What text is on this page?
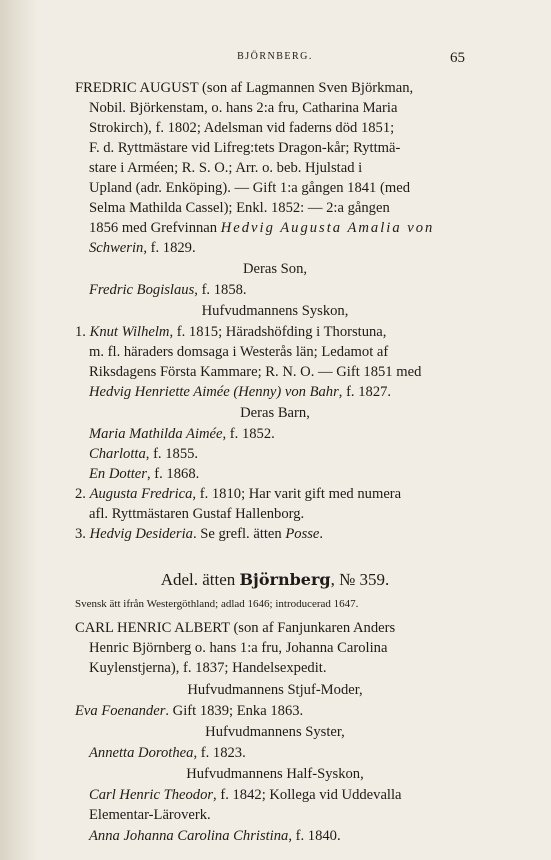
BJÖRNBERG.	65
FREDRIC AUGUST (son af Lagmannen Sven Björkman,
Nobil. Björkenstam, o. hans 2:a fru, Catharina Maria
Strokirch), f. 1802; Adelsman vid faderns död 1851;
F. d. Ryttmästare vid Lifreg:tets Dragon-kår; Ryttmä-
stare i Arméen; R. S. O.; Arr. o. beb. Hjulstad i
Upland (adr. Enköping). — Gift 1:a gången 1841 (med
Selma Mathilda Cassel); Enkl. 1852: — 2:a gången
1856 med Grefvinnan Hedvig Augusta Amalia von
Schwerin, f. 1829.
Deras Son,
Fredric Bogislaus, f. 1858.
Hufvudmannens Syskon,
1. Knut Wilhelm, f. 1815; Häradshöfding i Thorstuna,
m. fl. häraders domsaga i Westerås län; Ledamot af
Riksdagens Första Kammare; R. N. O. — Gift 1851 med
Hedvig Henriette Aimée (Henny) von Bahr, f. 1827.
Deras Barn,
Maria Mathilda Aimée, f. 1852.
Charlotta, f. 1855.
En Dotter, f. 1868.
2. Augusta Fredrica, f. 1810; Har varit gift med numera
afl. Ryttmästaren Gustaf Hallenborg.
3. Hedvig Desideria. Se grefl. ätten Posse.
Adel. ätten Björnberg, № 359.
Svensk ätt ifrån Westergöthland; adlad 1646; introducerad 1647.
CARL HENRIC ALBERT (son af Fanjunkaren Anders
Henric Björnberg o. hans 1:a fru, Johanna Carolina
Kuylenstjerna), f. 1837; Handelsexpedit.
Hufvudmannens Stjuf-Moder,
Eva Foenander. Gift 1839; Enka 1863.
Hufvudmannens Syster,
Annetta Dorothea, f. 1823.
Hufvudmannens Half-Syskon,
Carl Henric Theodor, f. 1842; Kollega vid Uddevalla
Elementar-Läroverk.
Anna Johanna Carolina Christina, f. 1840.
